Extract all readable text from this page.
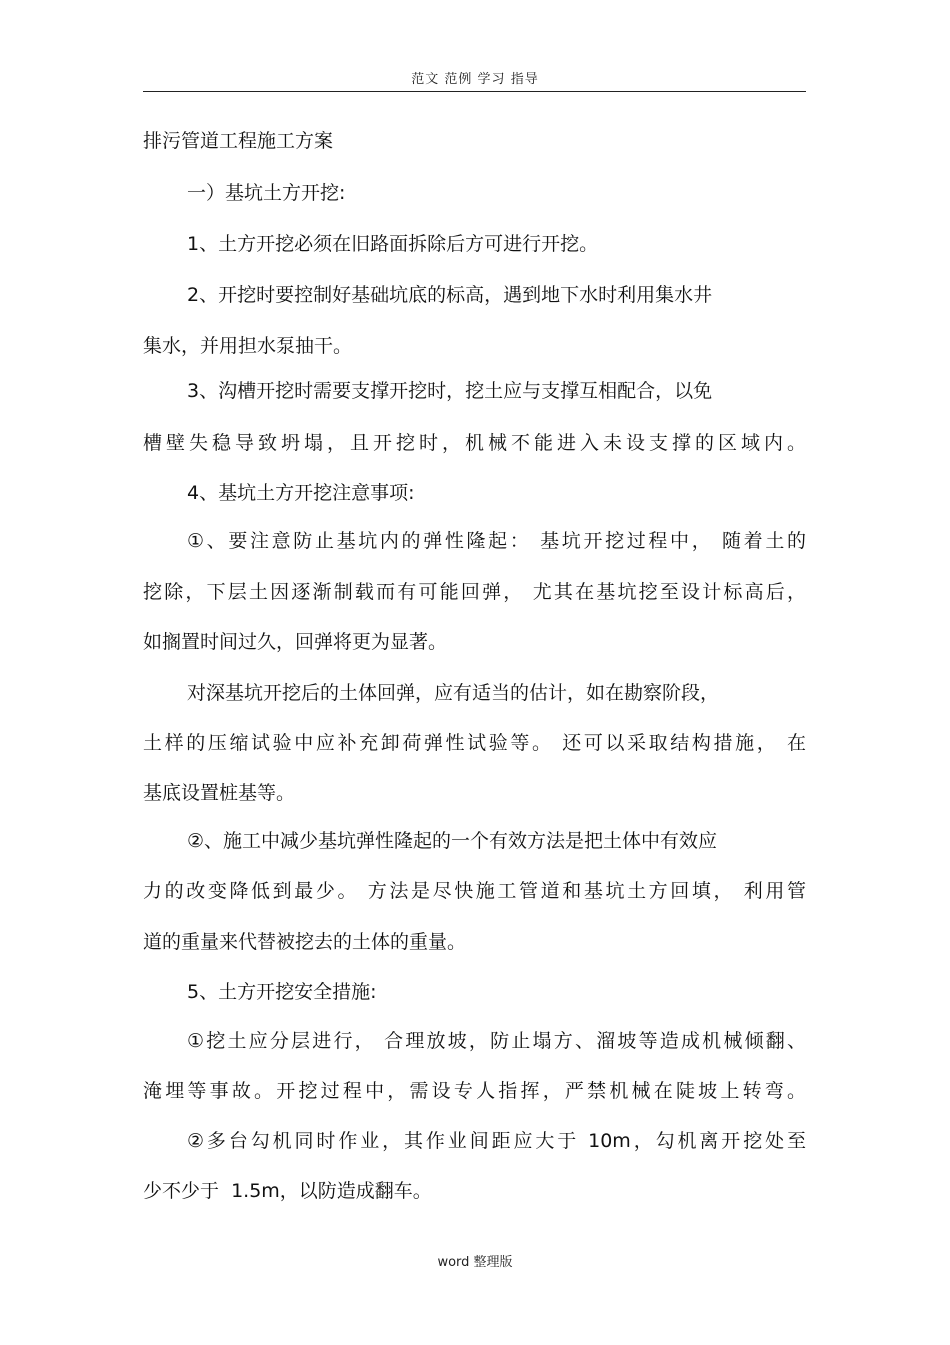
范文 范例 学习 指导
排污管道工程施工方案
一）基坑土方开挖:
1、土方开挖必须在旧路面拆除后方可进行开挖。
2、开挖时要控制好基础坑底的标高，遇到地下水时利用集水井
集水，并用担水泵抽干。
3、沟槽开挖时需要支撑开挖时，挖土应与支撑互相配合，以免
槽壁失稳导致坍塌，且开挖时，机械不能进入未设支撑的区域内。
4、基坑土方开挖注意事项:
①、要注意防止基坑内的弹性隆起： 基坑开挖过程中， 随着土的
挖除，下层土因逐渐制载而有可能回弹， 尤其在基坑挖至设计标高后，
如搁置时间过久，回弹将更为显著。
对深基坑开挖后的土体回弹，应有适当的估计，如在勘察阶段，
土样的压缩试验中应补充卸荷弹性试验等。 还可以采取结构措施， 在
基底设置桩基等。
②、施工中减少基坑弹性隆起的一个有效方法是把土体中有效应
力的改变降低到最少。 方法是尽快施工管道和基坑土方回填， 利用管
道的重量来代替被挖去的土体的重量。
5、土方开挖安全措施:
①挖土应分层进行， 合理放坡，防止塌方、溜坡等造成机械倾翻、
淹埋等事故。开挖过程中，需设专人指挥，严禁机械在陡坡上转弯。
②多台勾机同时作业，其作业间距应大于 10m，勾机离开挖处至
少不少于  1.5m，以防造成翻车。
word 整理版
